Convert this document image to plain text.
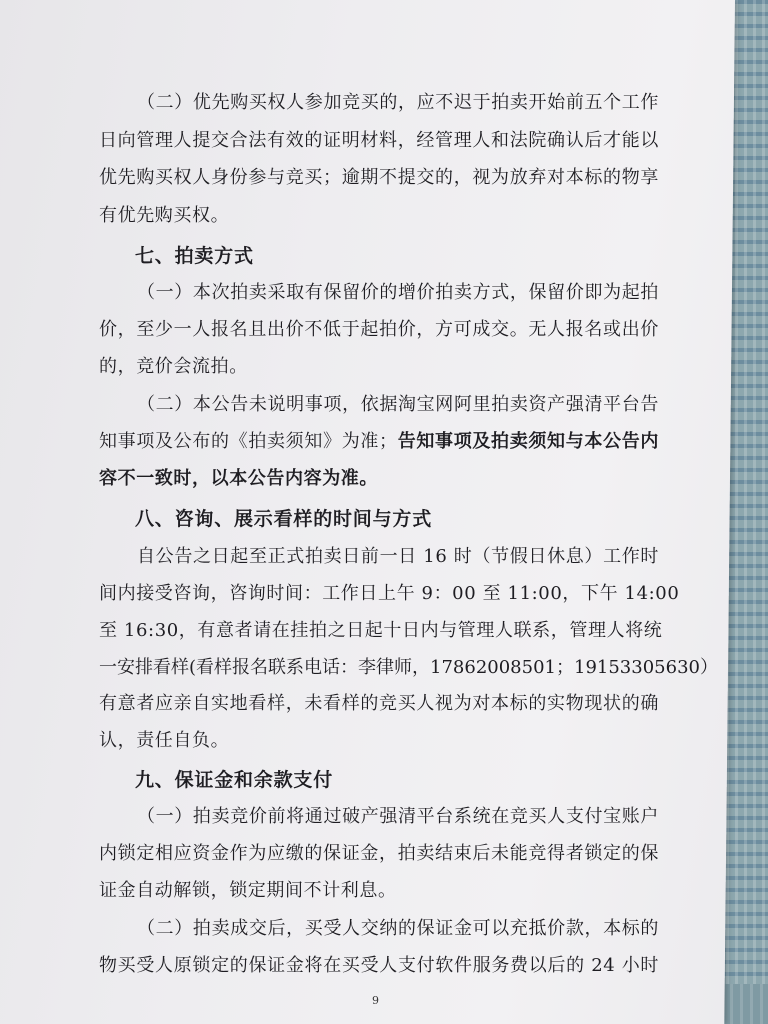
（二）优先购买权人参加竞买的，应不迟于拍卖开始前五个工作
日向管理人提交合法有效的证明材料，经管理人和法院确认后才能以
优先购买权人身份参与竞买；逾期不提交的，视为放弃对本标的物享
有优先购买权。
七、拍卖方式
（一）本次拍卖采取有保留价的增价拍卖方式，保留价即为起拍
价，至少一人报名且出价不低于起拍价，方可成交。无人报名或出价
的，竞价会流拍。
（二）本公告未说明事项，依据淘宝网阿里拍卖资产强清平台告
知事项及公布的《拍卖须知》为准；告知事项及拍卖须知与本公告内
容不一致时，以本公告内容为准。
八、咨询、展示看样的时间与方式
自公告之日起至正式拍卖日前一日 16 时（节假日休息）工作时
间内接受咨询，咨询时间：工作日上午 9：00 至 11:00，下午 14:00
至 16:30，有意者请在挂拍之日起十日内与管理人联系，管理人将统
一安排看样(看样报名联系电话：李律师，17862008501；19153305630）
有意者应亲自实地看样，未看样的竞买人视为对本标的实物现状的确
认，责任自负。
九、保证金和余款支付
（一）拍卖竞价前将通过破产强清平台系统在竞买人支付宝账户
内锁定相应资金作为应缴的保证金，拍卖结束后未能竞得者锁定的保
证金自动解锁，锁定期间不计利息。
（二）拍卖成交后，买受人交纳的保证金可以充抵价款，本标的
物买受人原锁定的保证金将在买受人支付软件服务费以后的 24 小时
9
